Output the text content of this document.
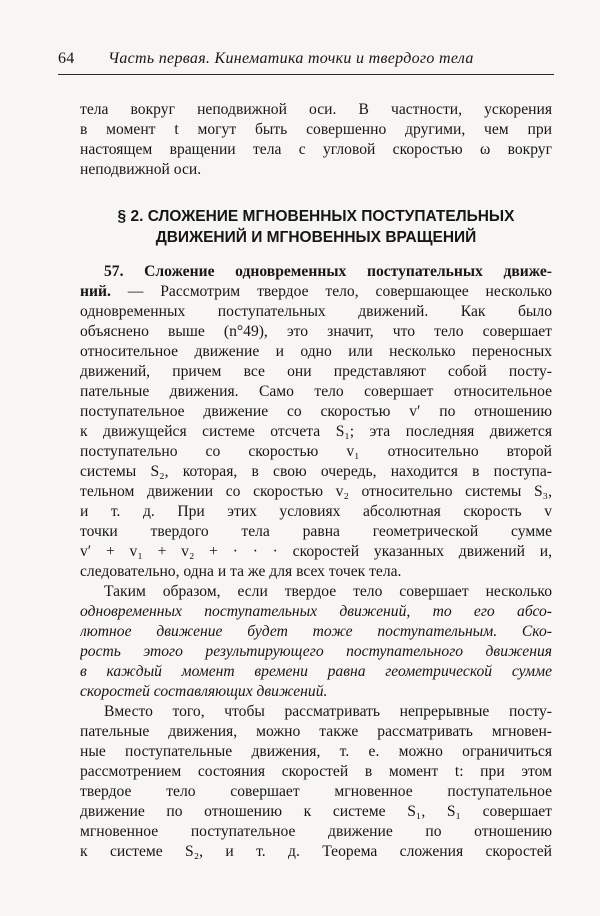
64 Часть первая. Кинематика точки и твердого тела
тела вокруг неподвижной оси. В частности, ускорения
в момент t могут быть совершенно другими, чем при
настоящем вращении тела с угловой скоростью ω вокруг
неподвижной оси.
§ 2. СЛОЖЕНИЕ МГНОВЕННЫХ ПОСТУПАТЕЛЬНЫХ
ДВИЖЕНИЙ И МГНОВЕННЫХ ВРАЩЕНИЙ
57. Сложение одновременных поступательных движе-
ний. — Рассмотрим твердое тело, совершающее несколько
одновременных поступательных движений. Как было
объяснено выше (n°49), это значит, что тело совершает
относительное движение и одно или несколько переносных
движений, причем все они представляют собой посту-
пательные движения. Само тело совершает относительное
поступательное движение со скоростью v′ по отношению
к движущейся системе отсчета S₁; эта последняя движется
поступательно со скоростью v₁ относительно второй
системы S₂, которая, в свою очередь, находится в поступа-
тельном движении со скоростью v₂ относительно системы S₃,
и т. д. При этих условиях абсолютная скорость v
точки твердого тела равна геометрической сумме
v′ + v₁ + v₂ + · · · скоростей указанных движений и,
следовательно, одна и та же для всех точек тела.
Таким образом, если твердое тело совершает несколько
одновременных поступательных движений, то его абсо-
лютное движение будет тоже поступательным. Ско-
рость этого результирующего поступательного движения
в каждый момент времени равна геометрической сумме
скоростей составляющих движений.
Вместо того, чтобы рассматривать непрерывные посту-
пательные движения, можно также рассматривать мгновен-
ные поступательные движения, т. е. можно ограничиться
рассмотрением состояния скоростей в момент t: при этом
твердое тело совершает мгновенное поступательное
движение по отношению к системе S₁, S₁ совершает
мгновенное поступательное движение по отношению
к системе S₂, и т. д. Теорема сложения скоростей
